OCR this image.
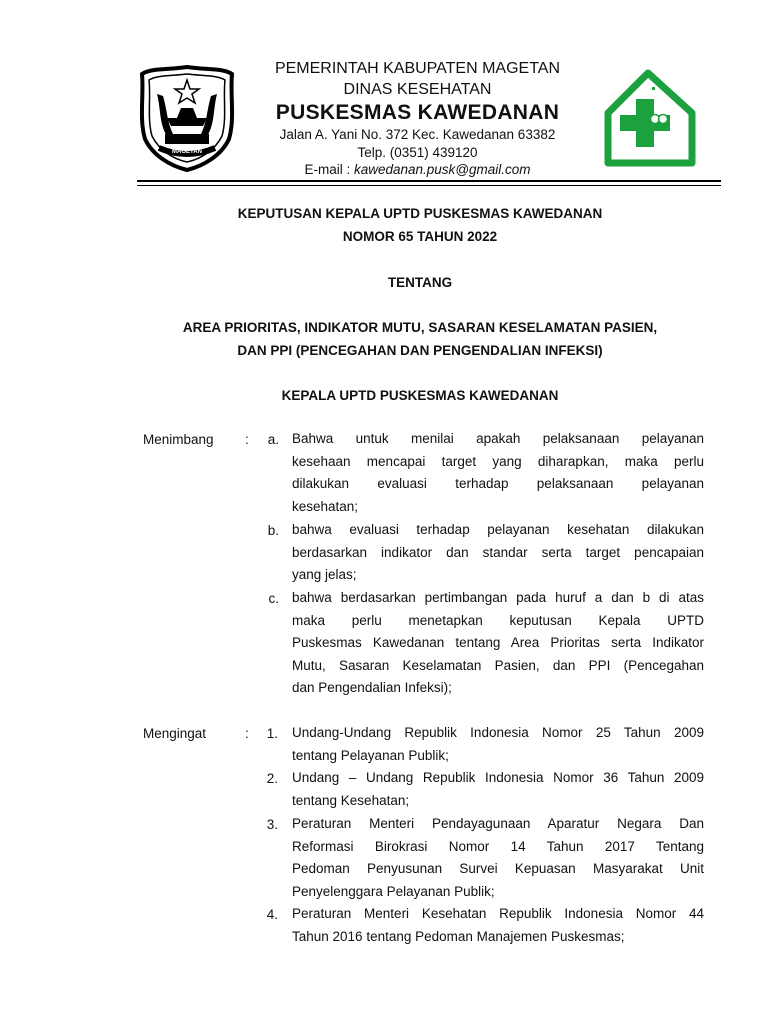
MAGETAN
PEMERINTAH KABUPATEN MAGETAN
DINAS KESEHATAN
PUSKESMAS KAWEDANAN
Jalan A. Yani No. 372 Kec. Kawedanan 63382
Telp. (0351) 439120
E-mail : kawedanan.pusk@gmail.com
KEPUTUSAN KEPALA UPTD PUSKESMAS KAWEDANAN
NOMOR 65 TAHUN 2022
TENTANG
AREA PRIORITAS, INDIKATOR MUTU, SASARAN KESELAMATAN PASIEN,
DAN PPI (PENCEGAHAN DAN PENGENDALIAN INFEKSI)
KEPALA UPTD PUSKESMAS KAWEDANAN
Menimbang :	a. Bahwa untuk menilai apakah pelaksanaan pelayanan
kesehaan mencapai target yang diharapkan, maka perlu
dilakukan evaluasi terhadap pelaksanaan pelayanan
kesehatan;
b. bahwa evaluasi terhadap pelayanan kesehatan dilakukan
berdasarkan indikator dan standar serta target pencapaian
yang jelas;
c. bahwa berdasarkan pertimbangan pada huruf a dan b di atas
maka perlu menetapkan keputusan Kepala UPTD
Puskesmas Kawedanan tentang Area Prioritas serta Indikator
Mutu, Sasaran Keselamatan Pasien, dan PPI (Pencegahan
dan Pengendalian Infeksi);
Mengingat	:	1. Undang-Undang Republik Indonesia Nomor 25 Tahun 2009
tentang Pelayanan Publik;
2. Undang – Undang Republik Indonesia Nomor 36 Tahun 2009
tentang Kesehatan;
3. Peraturan Menteri Pendayagunaan Aparatur Negara Dan
Reformasi Birokrasi Nomor 14 Tahun 2017 Tentang
Pedoman Penyusunan Survei Kepuasan Masyarakat Unit
Penyelenggara Pelayanan Publik;
4. Peraturan Menteri Kesehatan Republik Indonesia Nomor 44
Tahun 2016 tentang Pedoman Manajemen Puskesmas;
